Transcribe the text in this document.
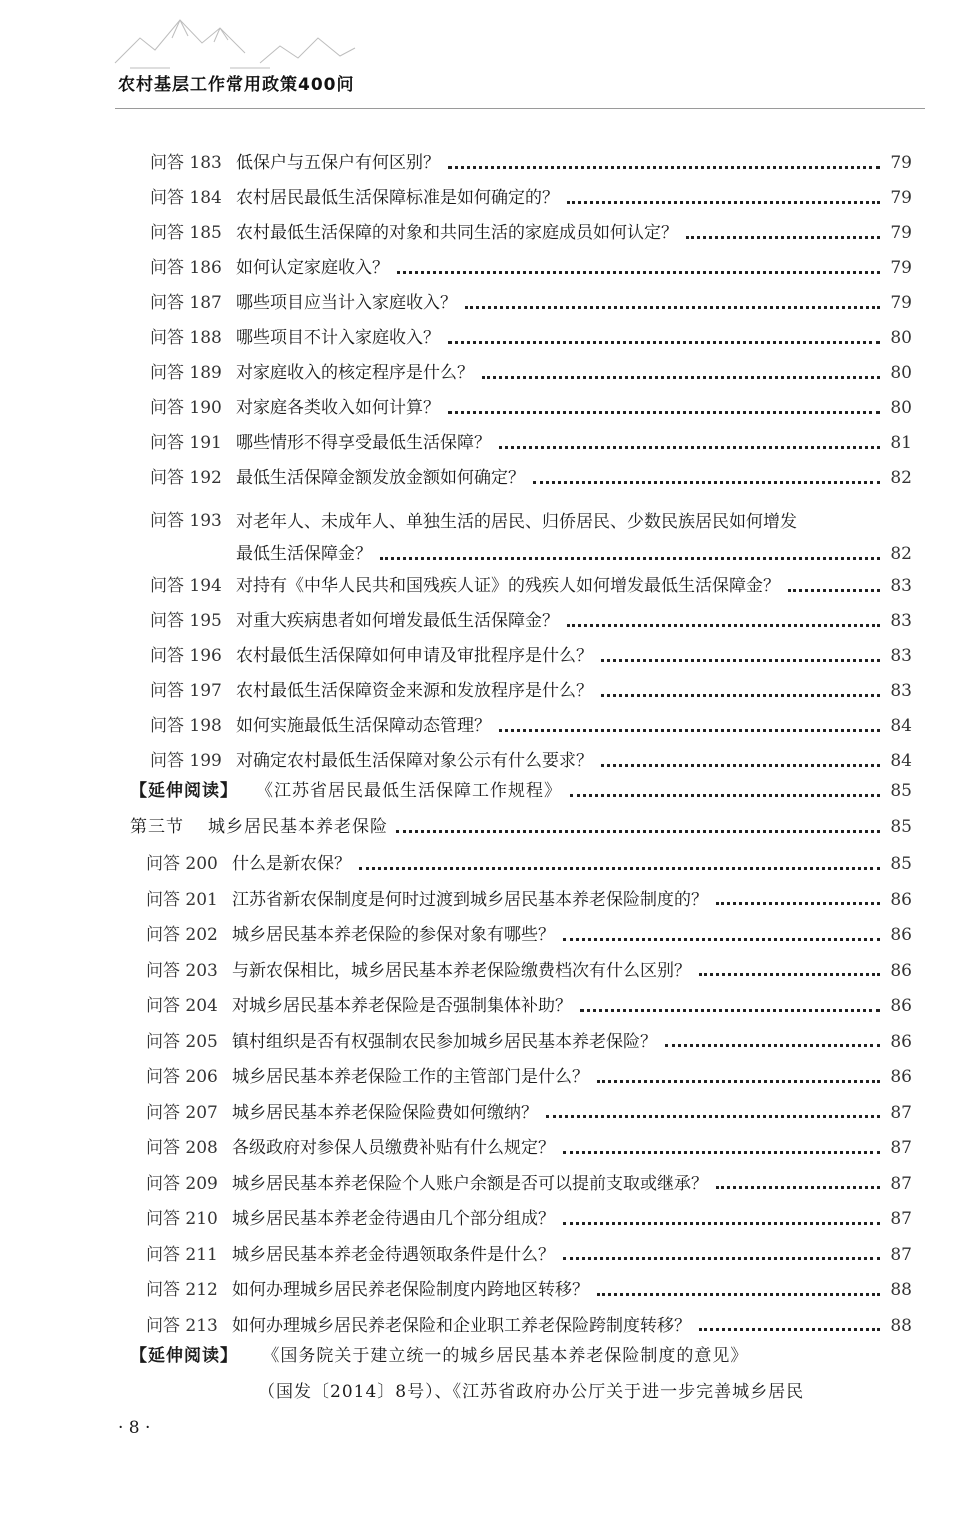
农村基层工作常用政策400问
问答 183 低保户与五保户有何区别？	79
问答 184 农村居民最低生活保障标准是如何确定的？	79
问答 185 农村最低生活保障的对象和共同生活的家庭成员如何认定？	79
问答 186 如何认定家庭收入？	79
问答 187 哪些项目应当计入家庭收入？	79
问答 188 哪些项目不计入家庭收入？	80
问答 189 对家庭收入的核定程序是什么？	80
问答 190 对家庭各类收入如何计算？	80
问答 191 哪些情形不得享受最低生活保障？	81
问答 192 最低生活保障金额发放金额如何确定？	82
问答 193 对老年人、未成年人、单独生活的居民、归侨居民、少数民族居民如何增发
最低生活保障金？	82
问答 194 对持有《中华人民共和国残疾人证》的残疾人如何增发最低生活保障金？	83
问答 195 对重大疾病患者如何增发最低生活保障金？	83
问答 196 农村最低生活保障如何申请及审批程序是什么？	83
问答 197 农村最低生活保障资金来源和发放程序是什么？	83
问答 198 如何实施最低生活保障动态管理？	84
问答 199 对确定农村最低生活保障对象公示有什么要求？	84
【延伸阅读】 《江苏省居民最低生活保障工作规程》	85
第三节 城乡居民基本养老保险	85
问答 200 什么是新农保？	85
问答 201 江苏省新农保制度是何时过渡到城乡居民基本养老保险制度的？	86
问答 202 城乡居民基本养老保险的参保对象有哪些？	86
问答 203 与新农保相比，城乡居民基本养老保险缴费档次有什么区别？	86
问答 204 对城乡居民基本养老保险是否强制集体补助？	86
问答 205 镇村组织是否有权强制农民参加城乡居民基本养老保险？	86
问答 206 城乡居民基本养老保险工作的主管部门是什么？	86
问答 207 城乡居民基本养老保险保险费如何缴纳？	87
问答 208 各级政府对参保人员缴费补贴有什么规定？	87
问答 209 城乡居民基本养老保险个人账户余额是否可以提前支取或继承？	87
问答 210 城乡居民基本养老金待遇由几个部分组成？	87
问答 211 城乡居民基本养老金待遇领取条件是什么？	87
问答 212 如何办理城乡居民养老保险制度内跨地区转移？	88
问答 213 如何办理城乡居民养老保险和企业职工养老保险跨制度转移？	88
【延伸阅读】 《国务院关于建立统一的城乡居民基本养老保险制度的意见》
（国发〔2014〕8号）、《江苏省政府办公厅关于进一步完善城乡居民
· 8 ·
